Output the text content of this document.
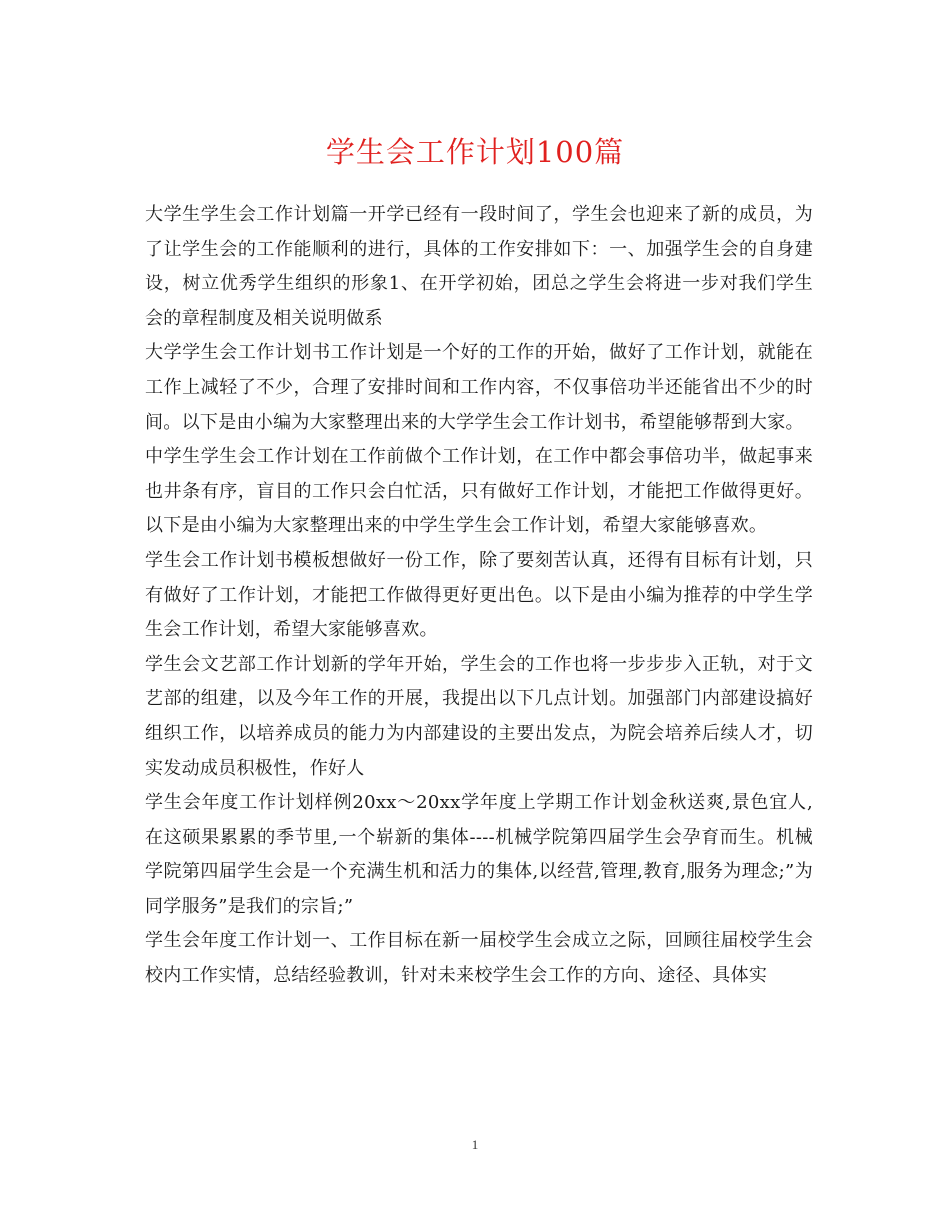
学生会工作计划100篇

大学生学生会工作计划篇一开学已经有一段时间了，学生会也迎来了新的成员，为了让学生会的工作能顺利的进行，具体的工作安排如下：一、加强学生会的自身建设，树立优秀学生组织的形象1、在开学初始，团总之学生会将进一步对我们学生会的章程制度及相关说明做系

大学学生会工作计划书工作计划是一个好的工作的开始，做好了工作计划，就能在工作上减轻了不少，合理了安排时间和工作内容，不仅事倍功半还能省出不少的时间。以下是由小编为大家整理出来的大学学生会工作计划书，希望能够帮到大家。

中学生学生会工作计划在工作前做个工作计划，在工作中都会事倍功半，做起事来也井条有序，盲目的工作只会白忙活，只有做好工作计划，才能把工作做得更好。以下是由小编为大家整理出来的中学生学生会工作计划，希望大家能够喜欢。

学生会工作计划书模板想做好一份工作，除了要刻苦认真，还得有目标有计划，只有做好了工作计划，才能把工作做得更好更出色。以下是由小编为推荐的中学生学生会工作计划，希望大家能够喜欢。

学生会文艺部工作计划新的学年开始，学生会的工作也将一步步步入正轨，对于文艺部的组建，以及今年工作的开展，我提出以下几点计划。加强部门内部建设搞好组织工作，以培养成员的能力为内部建设的主要出发点，为院会培养后续人才，切实发动成员积极性，作好人

学生会年度工作计划样例20xx～20xx学年度上学期工作计划金秋送爽,景色宜人,在这硕果累累的季节里,一个崭新的集体----机械学院第四届学生会孕育而生。机械学院第四届学生会是一个充满生机和活力的集体,以经营,管理,教育,服务为理念;”为同学服务”是我们的宗旨;”

学生会年度工作计划一、工作目标在新一届校学生会成立之际，回顾往届校学生会校内工作实情，总结经验教训，针对未来校学生会工作的方向、途径、具体实

1
